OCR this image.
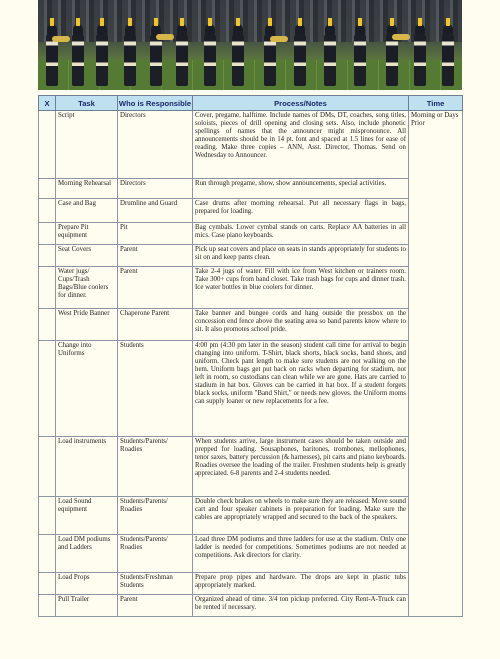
X	Task	Who is Responsible	Process/Notes	Time
	Script	Directors	Cover, pregame, halftime. Include names of DMs, DT, coaches, song titles, soloists, pieces of drill opening and closing sets. Also, include phonetic spellings of names that the announcer might mispronounce. All announcements should be in 14 pt. font and spaced at 1.5 lines for ease of reading. Make three copies – ANN, Asst. Director, Thomas. Send on Wednesday to Announcer.	Morning or Days Prior
	Morning Rehearsal	Directors	Run through pregame, show, show announcements, special activities.	
	Case and Bag	Drumline and Guard	Case drums after morning rehearsal. Put all necessary flags in bags, prepared for loading.	
	Prepare Pit equipment	Pit	Bag cymbals. Lower cymbal stands on carts. Replace AA batteries in all mics. Case piano keyboards.	
	Seat Covers	Parent	Pick up seat covers and place on seats in stands appropriately for students to sit on and keep pants clean.	
	Water jugs/ Cups/Trash Bags/Blue coolers for dinner.	Parent	Take 2-4 jugs of water. Fill with ice from West kitchen or trainers room. Take 300+ cups from band closet. Take trash bags for cups and dinner trash. Ice water bottles in blue coolers for dinner.	
	West Pride Banner	Chaperone Parent	Take banner and bungee cords and hang outside the pressbox on the concession end fence above the seating area so band parents know where to sit. It also promotes school pride.	
	Change into Uniforms	Students	4:00 pm (4:30 pm later in the season) student call time for arrival to begin changing into uniform. T-Shirt, black shorts, black socks, band shoes, and uniform. Check pant length to make sure students are not walking on the hem. Uniform bags get put back on racks when departing for stadium, not left in room, so custodians can clean while we are gone. Hats are carried to stadium in hat box. Gloves can be carried in hat box. If a student forgets black socks, uniform "Band Shirt," or needs new gloves. the Uniform moms can supply loaner or new replacements for a fee.	
	Load instruments	Students/Parents/ Roadies	When students arrive, large instrument cases should be taken outside and prepped for loading. Sousaphones, baritones, trombones, mellophones, tenor saxes, battery percussion (& harnesses), pit carts and piano keyboards. Roadies oversee the loading of the trailer. Freshmen students help is greatly appreciated. 6-8 parents and 2-4 students needed.	
	Load Sound equipment	Students/Parents/ Roadies	Double check brakes on wheels to make sure they are released. Move sound cart and four speaker cabinets in preparation for loading. Make sure the cables are appropriately wrapped and secured to the back of the speakers.	
	Load DM podiums and Ladders	Students/Parents/ Roadies	Load three DM podiums and three ladders for use at the stadium. Only one ladder is needed for competitions. Sometimes podiums are not needed at competitions. Ask directors for clarity.	
	Load Props	Students/Freshman Students	Prepare prop pipes and hardware. The drops are kept in plastic tubs appropriately marked.	
	Pull Trailer	Parent	Organized ahead of time. 3/4 ton pickup preferred. City Rent-A-Truck can be rented if necessary.	
